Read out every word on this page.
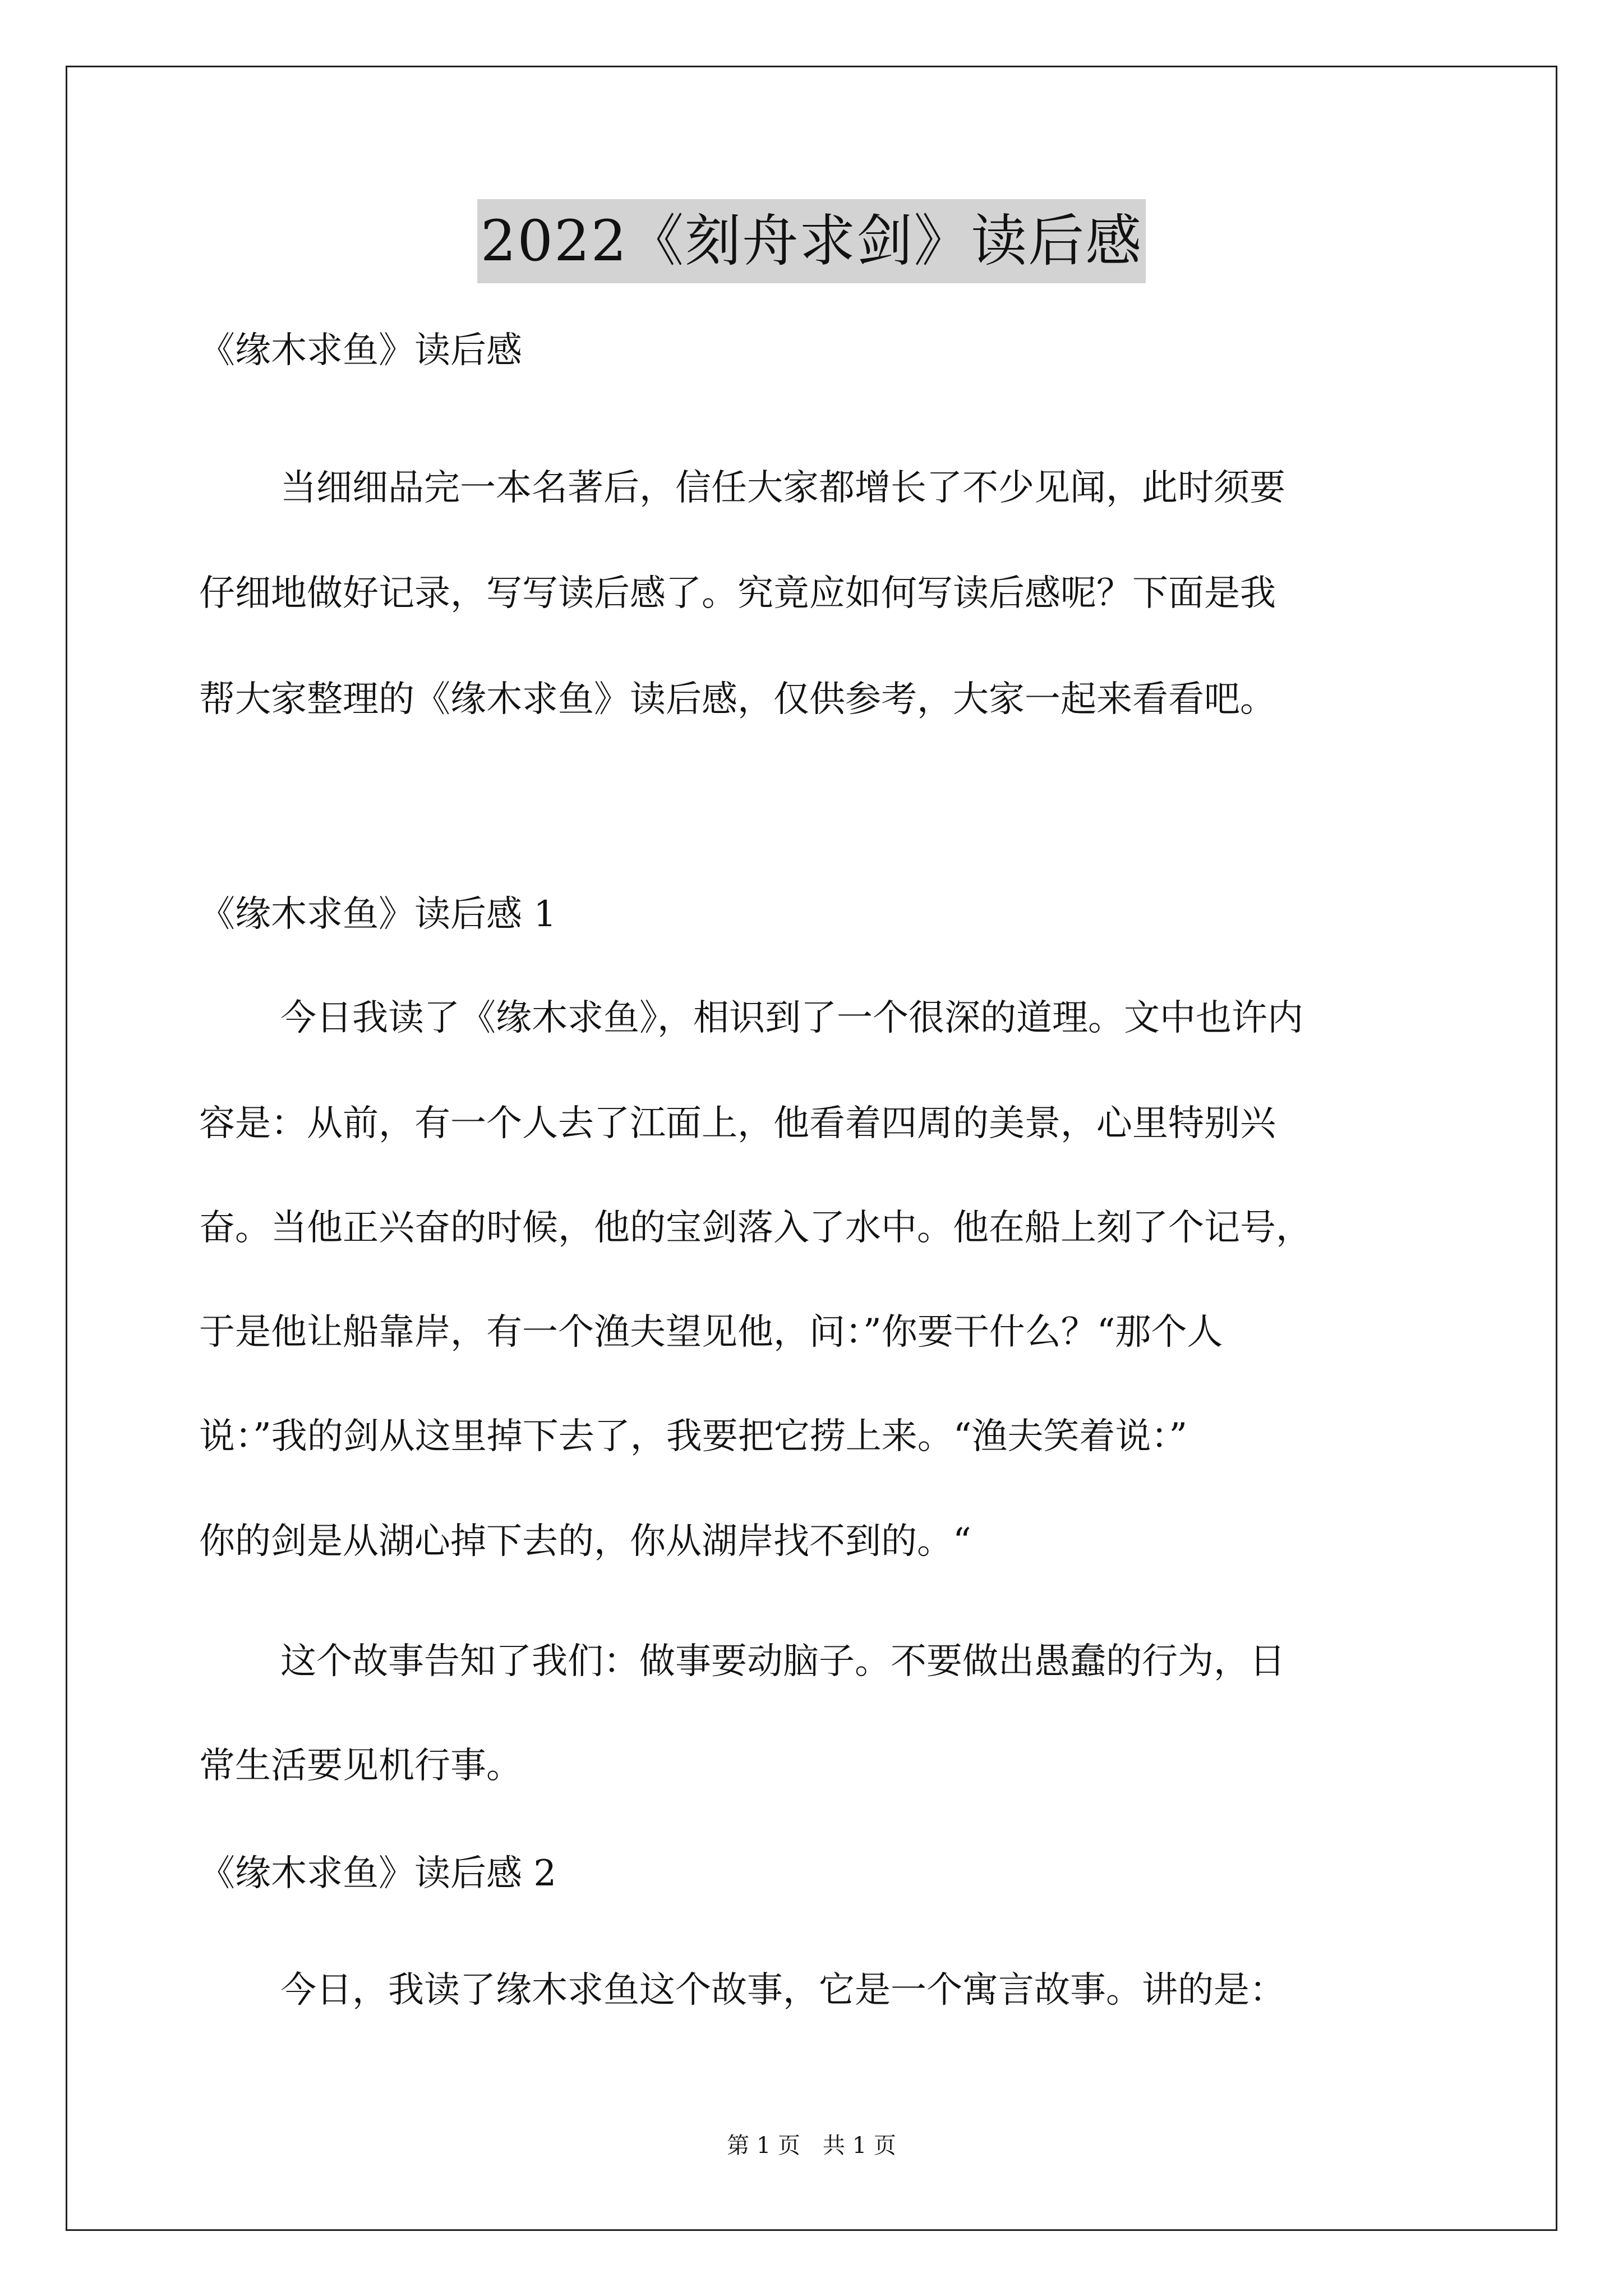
2022《刻舟求剑》读后感
《缘木求鱼》读后感
当细细品完一本名著后，信任大家都增长了不少见闻，此时须要
仔细地做好记录，写写读后感了。究竟应如何写读后感呢？下面是我
帮大家整理的《缘木求鱼》读后感，仅供参考，大家一起来看看吧。
《缘木求鱼》读后感 1
今日我读了《缘木求鱼》，相识到了一个很深的道理。文中也许内
容是：从前，有一个人去了江面上，他看着四周的美景，心里特别兴
奋。当他正兴奋的时候，他的宝剑落入了水中。他在船上刻了个记号，
于是他让船靠岸，有一个渔夫望见他，问：”你要干什么？“那个人
说：”我的剑从这里掉下去了，我要把它捞上来。“渔夫笑着说：”
你的剑是从湖心掉下去的，你从湖岸找不到的。“
这个故事告知了我们：做事要动脑子。不要做出愚蠢的行为，日
常生活要见机行事。
《缘木求鱼》读后感 2
今日，我读了缘木求鱼这个故事，它是一个寓言故事。讲的是：
第 1 页　共 1 页
